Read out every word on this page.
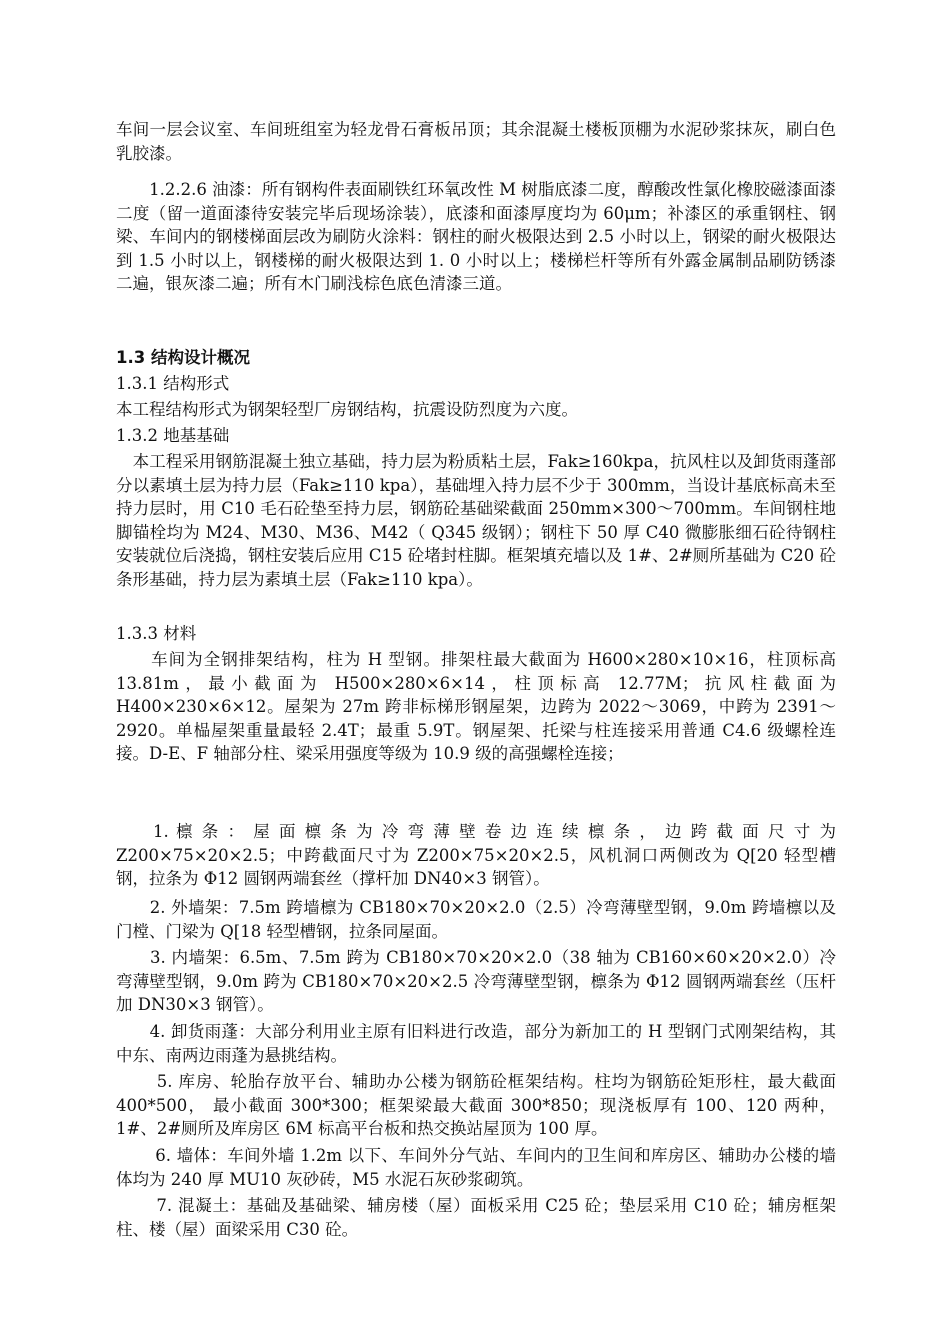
车间一层会议室、车间班组室为轻龙骨石膏板吊顶；其余混凝土楼板顶棚为水泥砂浆抹灰，刷白色乳胶漆。

　　1.2.2.6 油漆：所有钢构件表面刷铁红环氧改性 M 树脂底漆二度，醇酸改性氯化橡胶磁漆面漆二度（留一道面漆待安装完毕后现场涂装），底漆和面漆厚度均为 60μm；补漆区的承重钢柱、钢梁、车间内的钢楼梯面层改为刷防火涂料：钢柱的耐火极限达到 2.5 小时以上，钢梁的耐火极限达到 1.5 小时以上，钢楼梯的耐火极限达到 1. 0 小时以上；楼梯栏杆等所有外露金属制品刷防锈漆二遍，银灰漆二遍；所有木门刷浅棕色底色清漆三道。

1.3 结构设计概况

1.3.1 结构形式

本工程结构形式为钢架轻型厂房钢结构，抗震设防烈度为六度。

1.3.2 地基基础

　本工程采用钢筋混凝土独立基础，持力层为粉质粘土层，Fak≥160kpa，抗风柱以及卸货雨蓬部分以素填土层为持力层（Fak≥110 kpa），基础埋入持力层不少于 300mm，当设计基底标高未至持力层时，用 C10 毛石砼垫至持力层，钢筋砼基础梁截面 250mm×300～700mm。车间钢柱地脚锚栓均为 M24、M30、M36、M42（ Q345 级钢）；钢柱下 50 厚 C40 微膨胀细石砼待钢柱安装就位后浇捣，钢柱安装后应用 C15 砼堵封柱脚。框架填充墙以及 1#、2#厕所基础为 C20 砼条形基础，持力层为素填土层（Fak≥110 kpa）。

1.3.3 材料

　　车间为全钢排架结构，柱为 H 型钢。排架柱最大截面为 H600×280×10×16，柱顶标高 13.81m，最小截面为 H500×280×6×14，柱顶标高 12.77M；抗风柱截面为 H400×230×6×12。屋架为 27m 跨非标梯形钢屋架，边跨为 2022～3069，中跨为 2391～2920。单榀屋架重量最轻 2.4T；最重 5.9T。钢屋架、托梁与柱连接采用普通 C4.6 级螺栓连接。D-E、F 轴部分柱、梁采用强度等级为 10.9 级的高强螺栓连接；

　　1. 檩 条 ： 屋 面 檩 条 为 冷 弯 薄 壁 卷 边 连 续 檩 条 ， 边 跨 截 面 尺 寸 为 Z200×75×20×2.5；中跨截面尺寸为 Z200×75×20×2.5，风机洞口两侧改为 Q[20 轻型槽钢，拉条为 Φ12 圆钢两端套丝（撑杆加 DN40×3 钢管）。

　　2. 外墙架：7.5m 跨墙檩为 CB180×70×20×2.0（2.5）冷弯薄壁型钢，9.0m 跨墙檩以及门樘、门梁为 Q[18 轻型槽钢，拉条同屋面。

　　3. 内墙架：6.5m、7.5m 跨为 CB180×70×20×2.0（38 轴为 CB160×60×20×2.0）冷弯薄壁型钢，9.0m 跨为 CB180×70×20×2.5 冷弯薄壁型钢，檩条为 Φ12 圆钢两端套丝（压杆加 DN30×3 钢管）。

　　4. 卸货雨蓬：大部分利用业主原有旧料进行改造，部分为新加工的 H 型钢门式刚架结构，其中东、南两边雨蓬为悬挑结构。

　　 5. 库房、轮胎存放平台、辅助办公楼为钢筋砼框架结构。柱均为钢筋砼矩形柱，最大截面 400*500， 最小截面 300*300；框架梁最大截面 300*850；现浇板厚有 100、120 两种，1#、2#厕所及库房区 6M 标高平台板和热交换站屋顶为 100 厚。

　　 6. 墙体：车间外墙 1.2m 以下、车间外分气站、车间内的卫生间和库房区、辅助办公楼的墙体均为 240 厚 MU10 灰砂砖，M5 水泥石灰砂浆砌筑。

　　 7. 混凝土：基础及基础梁、辅房楼（屋）面板采用 C25 砼；垫层采用 C10 砼；辅房框架柱、楼（屋）面梁采用 C30 砼。
